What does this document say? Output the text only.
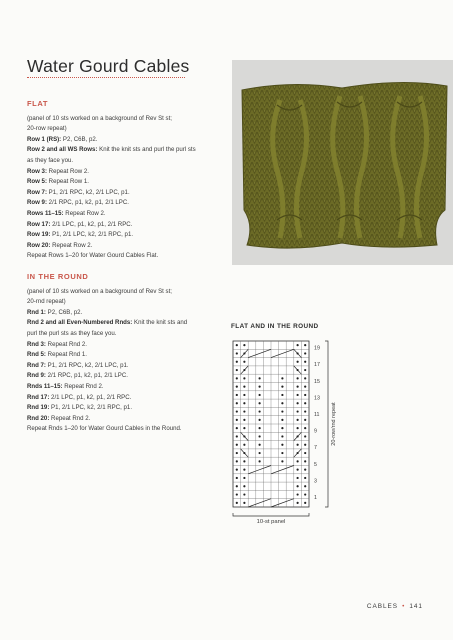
Water Gourd Cables
FLAT

(panel of 10 sts worked on a background of Rev St st;

20-row repeat)

Row 1 (RS): P2, C6B, p2.

Row 2 and all WS Rows: Knit the knit sts and purl the purl sts

as they face you.

Row 3: Repeat Row 2.

Row 5: Repeat Row 1.

Row 7: P1, 2/1 RPC, k2, 2/1 LPC, p1.

Row 9: 2/1 RPC, p1, k2, p1, 2/1 LPC.

Rows 11–15: Repeat Row 2.

Row 17: 2/1 LPC, p1, k2, p1, 2/1 RPC.

Row 19: P1, 2/1 LPC, k2, 2/1 RPC, p1.

Row 20: Repeat Row 2.

Repeat Rows 1–20 for Water Gourd Cables Flat.

IN THE ROUND

(panel of 10 sts worked on a background of Rev St st;

20-rnd repeat)

Rnd 1: P2, C6B, p2.

Rnd 2 and all Even-Numbered Rnds: Knit the knit sts and

purl the purl sts as they face you.

Rnd 3: Repeat Rnd 2.

Rnd 5: Repeat Rnd 1.

Rnd 7: P1, 2/1 RPC, k2, 2/1 LPC, p1.

Rnd 9: 2/1 RPC, p1, k2, p1, 2/1 LPC.

Rnds 11–15: Repeat Rnd 2.

Rnd 17: 2/1 LPC, p1, k2, p1, 2/1 RPC.

Rnd 19: P1, 2/1 LPC, k2, 2/1 RPC, p1.

Rnd 20: Repeat Rnd 2.

Repeat Rnds 1–20 for Water Gourd Cables in the Round.

FLAT AND IN THE ROUND
19
17
15
13
11
9
7
5
3
1
20-row/rnd repeat
10-st panel
CABLES • 141
